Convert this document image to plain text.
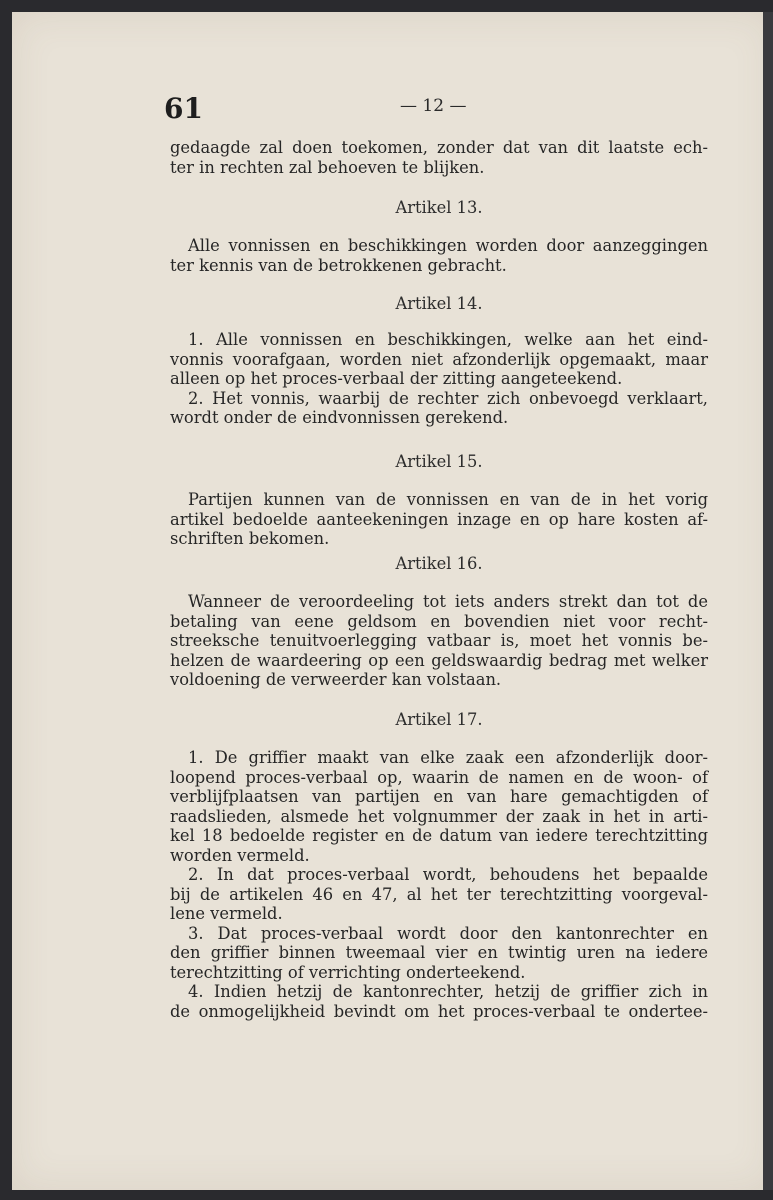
61	— 12 —
gedaagde zal doen toekomen, zonder dat van dit laatste ech-
ter in rechten zal behoeven te blijken.
Artikel 13.
Alle vonnissen en beschikkingen worden door aanzeggingen
ter kennis van de betrokkenen gebracht.
Artikel 14.
1. Alle vonnissen en beschikkingen, welke aan het eind-
vonnis voorafgaan, worden niet afzonderlijk opgemaakt, maar
alleen op het proces-verbaal der zitting aangeteekend.
2. Het vonnis, waarbij de rechter zich onbevoegd verklaart,
wordt onder de eindvonnissen gerekend.
Artikel 15.
Partijen kunnen van de vonnissen en van de in het vorig
artikel bedoelde aanteekeningen inzage en op hare kosten af-
schriften bekomen.
Artikel 16.
Wanneer de veroordeeling tot iets anders strekt dan tot de
betaling van eene geldsom en bovendien niet voor recht-
streeksche tenuitvoerlegging vatbaar is, moet het vonnis be-
helzen de waardeering op een geldswaardig bedrag met welker
voldoening de verweerder kan volstaan.
Artikel 17.
1. De griffier maakt van elke zaak een afzonderlijk door-
loopend proces-verbaal op, waarin de namen en de woon- of
verblijfplaatsen van partijen en van hare gemachtigden of
raadslieden, alsmede het volgnummer der zaak in het in arti-
kel 18 bedoelde register en de datum van iedere terechtzitting
worden vermeld.
2. In dat proces-verbaal wordt, behoudens het bepaalde
bij de artikelen 46 en 47, al het ter terechtzitting voorgeval-
lene vermeld.
3. Dat proces-verbaal wordt door den kantonrechter en
den griffier binnen tweemaal vier en twintig uren na iedere
terechtzitting of verrichting onderteekend.
4. Indien hetzij de kantonrechter, hetzij de griffier zich in
de onmogelijkheid bevindt om het proces-verbaal te ondertee-
